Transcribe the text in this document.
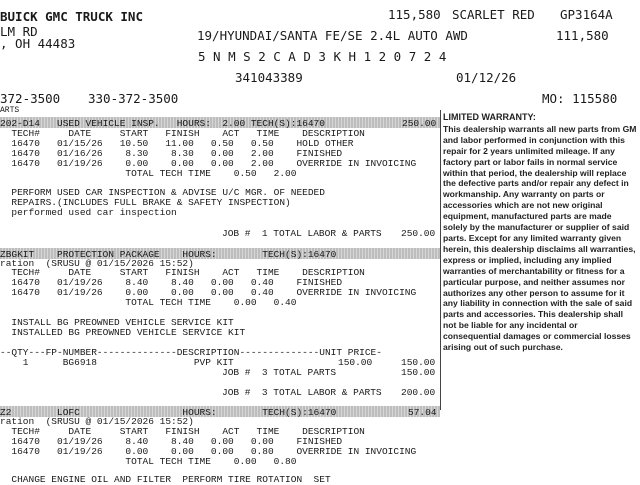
BUICK GMC TRUCK INC
LM RD
, OH 44483
115,580 SCARLET RED GP3164A
19/HYUNDAI/SANTA FE/SE 2.4L AUTO AWD	111,580
5 N M S 2 C A D 3 K H 1 2 0 7 2 4
341043389	01/12/26
372-3500 330-372-3500	MO: 115580
ARTS
202-D14   USED VEHICLE INSP.   HOURS:  2.00 TECH(S):16470	250.00
TECH#     DATE     START   FINISH    ACT   TIME    DESCRIPTION
16470   01/15/26   10.50   11.00   0.50   0.50    HOLD OTHER
16470   01/16/26    8.30    8.30   0.00   2.00    FINISHED
16470   01/19/26    0.00    0.00   0.00   2.00    OVERRIDE IN INVOICING
TOTAL TECH TIME    0.50   2.00
PERFORM USED CAR INSPECTION & ADVISE U/C MGR. OF NEEDED
REPAIRS.(INCLUDES FULL BRAKE & SAFETY INSPECTION)
performed used car inspection
JOB #  1 TOTAL LABOR & PARTS 250.00
ZBGKIT    PROTECTION PACKAGE    HOURS:        TECH(S):16470
ration  (SRUSU @ 01/15/2026 15:52)
TECH#     DATE     START   FINISH    ACT   TIME    DESCRIPTION
16470   01/19/26    8.40    8.40   0.00   0.40    FINISHED
16470   01/19/26    0.00    0.00   0.00   0.40    OVERRIDE IN INVOICING
TOTAL TECH TIME    0.00   0.40
INSTALL BG PREOWNED VEHICLE SERVICE KIT
INSTALLED BG PREOWNED VEHICLE SERVICE KIT
--QTY---FP-NUMBER--------------DESCRIPTION--------------UNIT PRICE-
1      BG6918                 PVP KIT	150.00	150.00
JOB #  3 TOTAL PARTS	150.00
JOB #  3 TOTAL LABOR & PARTS 200.00
Z2        LOFC                  HOURS:        TECH(S):16470	57.04
ration  (SRUSU @ 01/15/2026 15:52)
TECH#     DATE     START   FINISH    ACT   TIME    DESCRIPTION
16470   01/19/26    8.40    8.40   0.00   0.00    FINISHED
16470   01/19/26    0.00    0.00   0.00   0.80    OVERRIDE IN INVOICING
TOTAL TECH TIME    0.00   0.80
CHANGE ENGINE OIL AND FILTER  PERFORM TIRE ROTATION  SET
LIMITED WARRANTY:
This dealership warrants all new parts from GM and labor performed in conjunction with this repair for 2 years unlimited mileage. If any factory part or labor fails in normal service within that period, the dealership will replace the defective parts and/or repair any defect in workmanship. Any warranty on parts or accessories which are not new original equipment, manufactured parts are made solely by the manufacturer or supplier of said parts. Except for any limited warranty given herein, this dealership disclaims all warranties, express or implied, including any implied warranties of merchantability or fitness for a particular purpose, and neither assumes nor authorizes any other person to assume for it any liability in connection with the sale of said parts and accessories. This dealership shall not be liable for any incidental or consequential damages or commercial losses arising out of such purchase.
